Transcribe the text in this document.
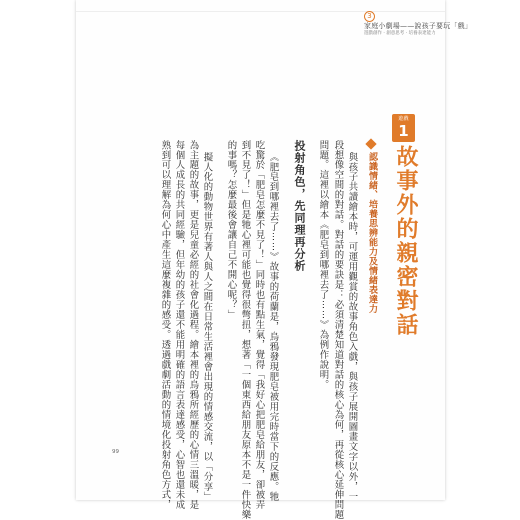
3
家庭小劇場——說孩子要玩「戲」
遊戲創作 ‧ 創意思考 ‧ 培養表達能力
遊戲
1
故事外的親密對話
認識情緒、培養思辨能力及情緒表達力
與孩子共讀繪本時，可運用觀賞的故事角色入戲，與孩子展開圖畫文字以外，一
段想像空間的對話。對話的要訣是：必須清楚知道對話的核心為何，再從核心延伸問題
問題。這裡以繪本《肥皂到哪裡去了⋯⋯》為例作說明。
投射角色，先同理再分析
《肥皂到哪裡去了⋯⋯》故事的荷蘭是，烏鴉發現肥皂被用完時當下的反應。牠
吃驚於「肥皂怎麼不見了！」同時也有點生氣，覺得「我好心把肥皂給朋友，卻被弄
到不見了！」但是牠心裡可能也覺得很彆扭，想著「一個東西給朋友原本不是一件快樂
的事嗎？怎麼最後會讓自己不開心呢？」
擬人化的動物世界有著人與人之間在日常生活裡會出現的情感交流，以「分享」
為主題的故事，更是兒童必經的社會化過程。繪本裡的烏鴉所經歷的心情三溫暖，是
每個人成長的共同經驗，但年幼的孩子還不能用明確的語言表達感受，心智也還未成
熟到可以理解為何心中產生這麼複雜的感受。透過戲劇活動的情境化投射角色方式，
99
